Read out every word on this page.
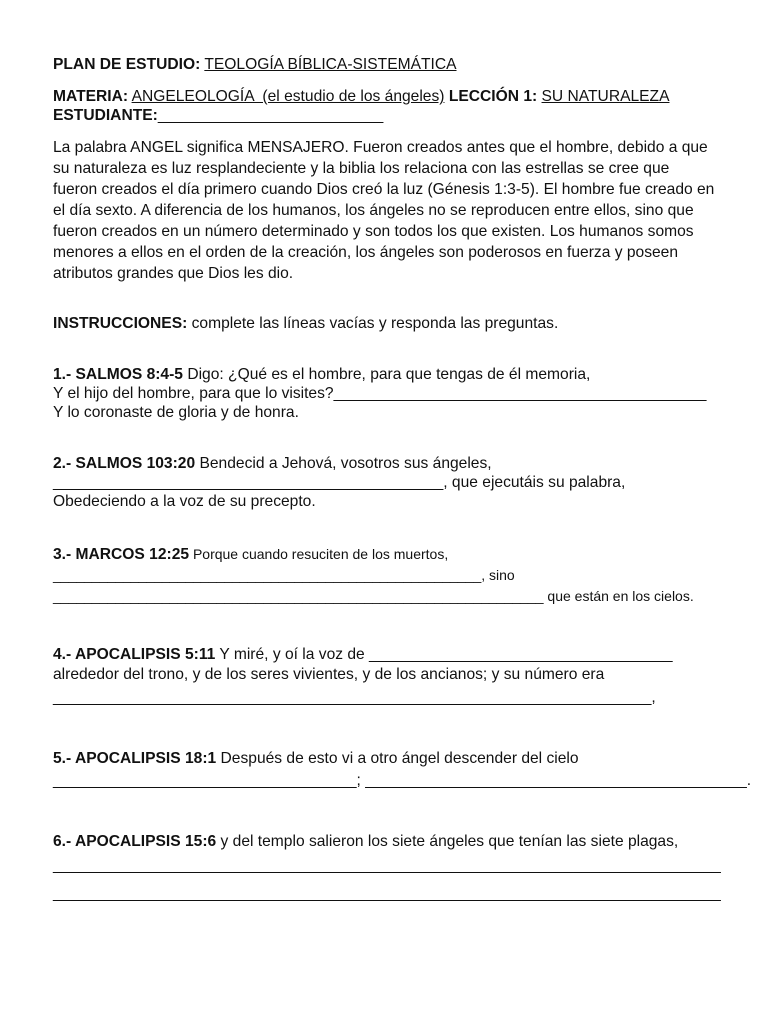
PLAN DE ESTUDIO: TEOLOGÍA BÍBLICA-SISTEMÁTICA
MATERIA: ANGELEOLOGÍA  (el estudio de los ángeles) LECCIÓN 1: SU NATURALEZA
ESTUDIANTE:__________________________

La palabra ANGEL significa MENSAJERO. Fueron creados antes que el hombre, debido a que su naturaleza es luz resplandeciente y la biblia los relaciona con las estrellas se cree que fueron creados el día primero cuando Dios creó la luz (Génesis 1:3-5). El hombre fue creado en el día sexto. A diferencia de los humanos, los ángeles no se reproducen entre ellos, sino que fueron creados en un número determinado y son todos los que existen. Los humanos somos menores a ellos en el orden de la creación, los ángeles son poderosos en fuerza y poseen atributos grandes que Dios les dio.

INSTRUCCIONES: complete las líneas vacías y responda las preguntas.
1.- SALMOS 8:4-5 Digo: ¿Qué es el hombre, para que tengas de él memoria,
Y el hijo del hombre, para que lo visites?___________________________________________
Y lo coronaste de gloria y de honra.
2.- SALMOS 103:20 Bendecid a Jehová, vosotros sus ángeles,
_____________________________________________, que ejecutáis su palabra,
Obedeciendo a la voz de su precepto.
3.- MARCOS 12:25 Porque cuando resuciten de los muertos,
_______________________________________________________, sino
_______________________________________________________________ que están en los cielos.
4.- APOCALIPSIS 5:11 Y miré, y oí la voz de ___________________________________
alrededor del trono, y de los seres vivientes, y de los ancianos; y su número era
_____________________________________________________________________,
5.- APOCALIPSIS 18:1 Después de esto vi a otro ángel descender del cielo
___________________________________; ____________________________________________.
6.- APOCALIPSIS 15:6 y del templo salieron los siete ángeles que tenían las siete plagas,
_____________________________________________________________________________
_____________________________________________________________________________
